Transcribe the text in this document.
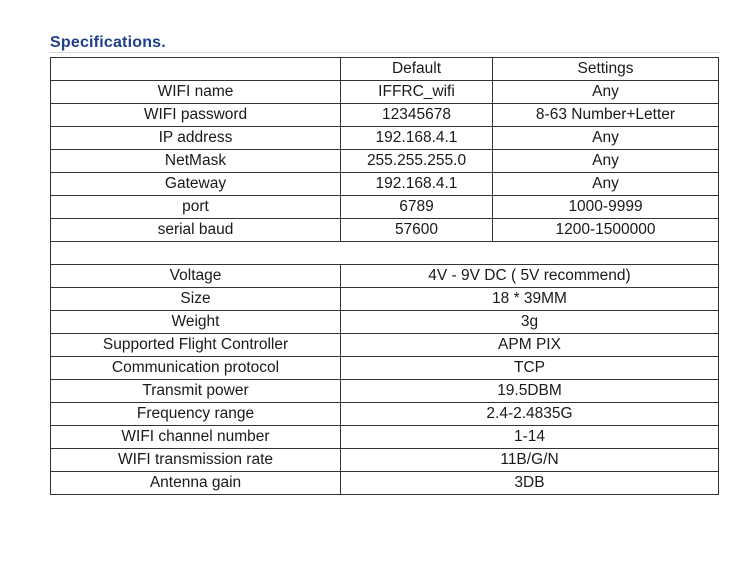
Specifications.
	Default	Settings
WIFI name	IFFRC_wifi	Any
WIFI password	12345678	8-63 Number+Letter
IP address	192.168.4.1	Any
NetMask	255.255.255.0	Any
Gateway	192.168.4.1	Any
port	6789	1000-9999
serial baud	57600	1200-1500000

Voltage	4V - 9V DC ( 5V recommend)	
Size	18 * 39MM	
Weight	3g	
Supported Flight Controller	APM PIX	
Communication protocol	TCP	
Transmit power	19.5DBM	
Frequency range	2.4-2.4835G	
WIFI channel number	1-14	
WIFI transmission rate	11B/G/N	
Antenna gain	3DB	
